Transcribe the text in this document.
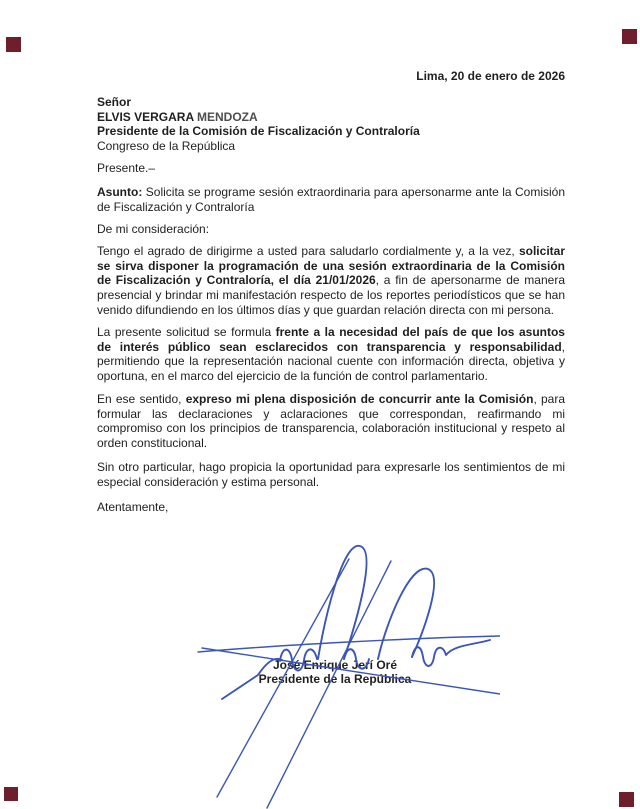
Lima, 20 de enero de 2026
Señor
ELVIS VERGARA MENDOZA
Presidente de la Comisión de Fiscalización y Contraloría
Congreso de la República
Presente.–
Asunto: Solicita se programe sesión extraordinaria para apersonarme ante la Comisión de Fiscalización y Contraloría
De mi consideración:
Tengo el agrado de dirigirme a usted para saludarlo cordialmente y, a la vez, solicitar se sirva disponer la programación de una sesión extraordinaria de la Comisión de Fiscalización y Contraloría, el día 21/01/2026, a fin de apersonarme de manera presencial y brindar mi manifestación respecto de los reportes periodísticos que se han venido difundiendo en los últimos días y que guardan relación directa con mi persona.
La presente solicitud se formula frente a la necesidad del país de que los asuntos de interés público sean esclarecidos con transparencia y responsabilidad, permitiendo que la representación nacional cuente con información directa, objetiva y oportuna, en el marco del ejercicio de la función de control parlamentario.
En ese sentido, expreso mi plena disposición de concurrir ante la Comisión, para formular las declaraciones y aclaraciones que correspondan, reafirmando mi compromiso con los principios de transparencia, colaboración institucional y respeto al orden constitucional.
Sin otro particular, hago propicia la oportunidad para expresarle los sentimientos de mi especial consideración y estima personal.
Atentamente,
José Enrique Jerí Oré
Presidente de la República
